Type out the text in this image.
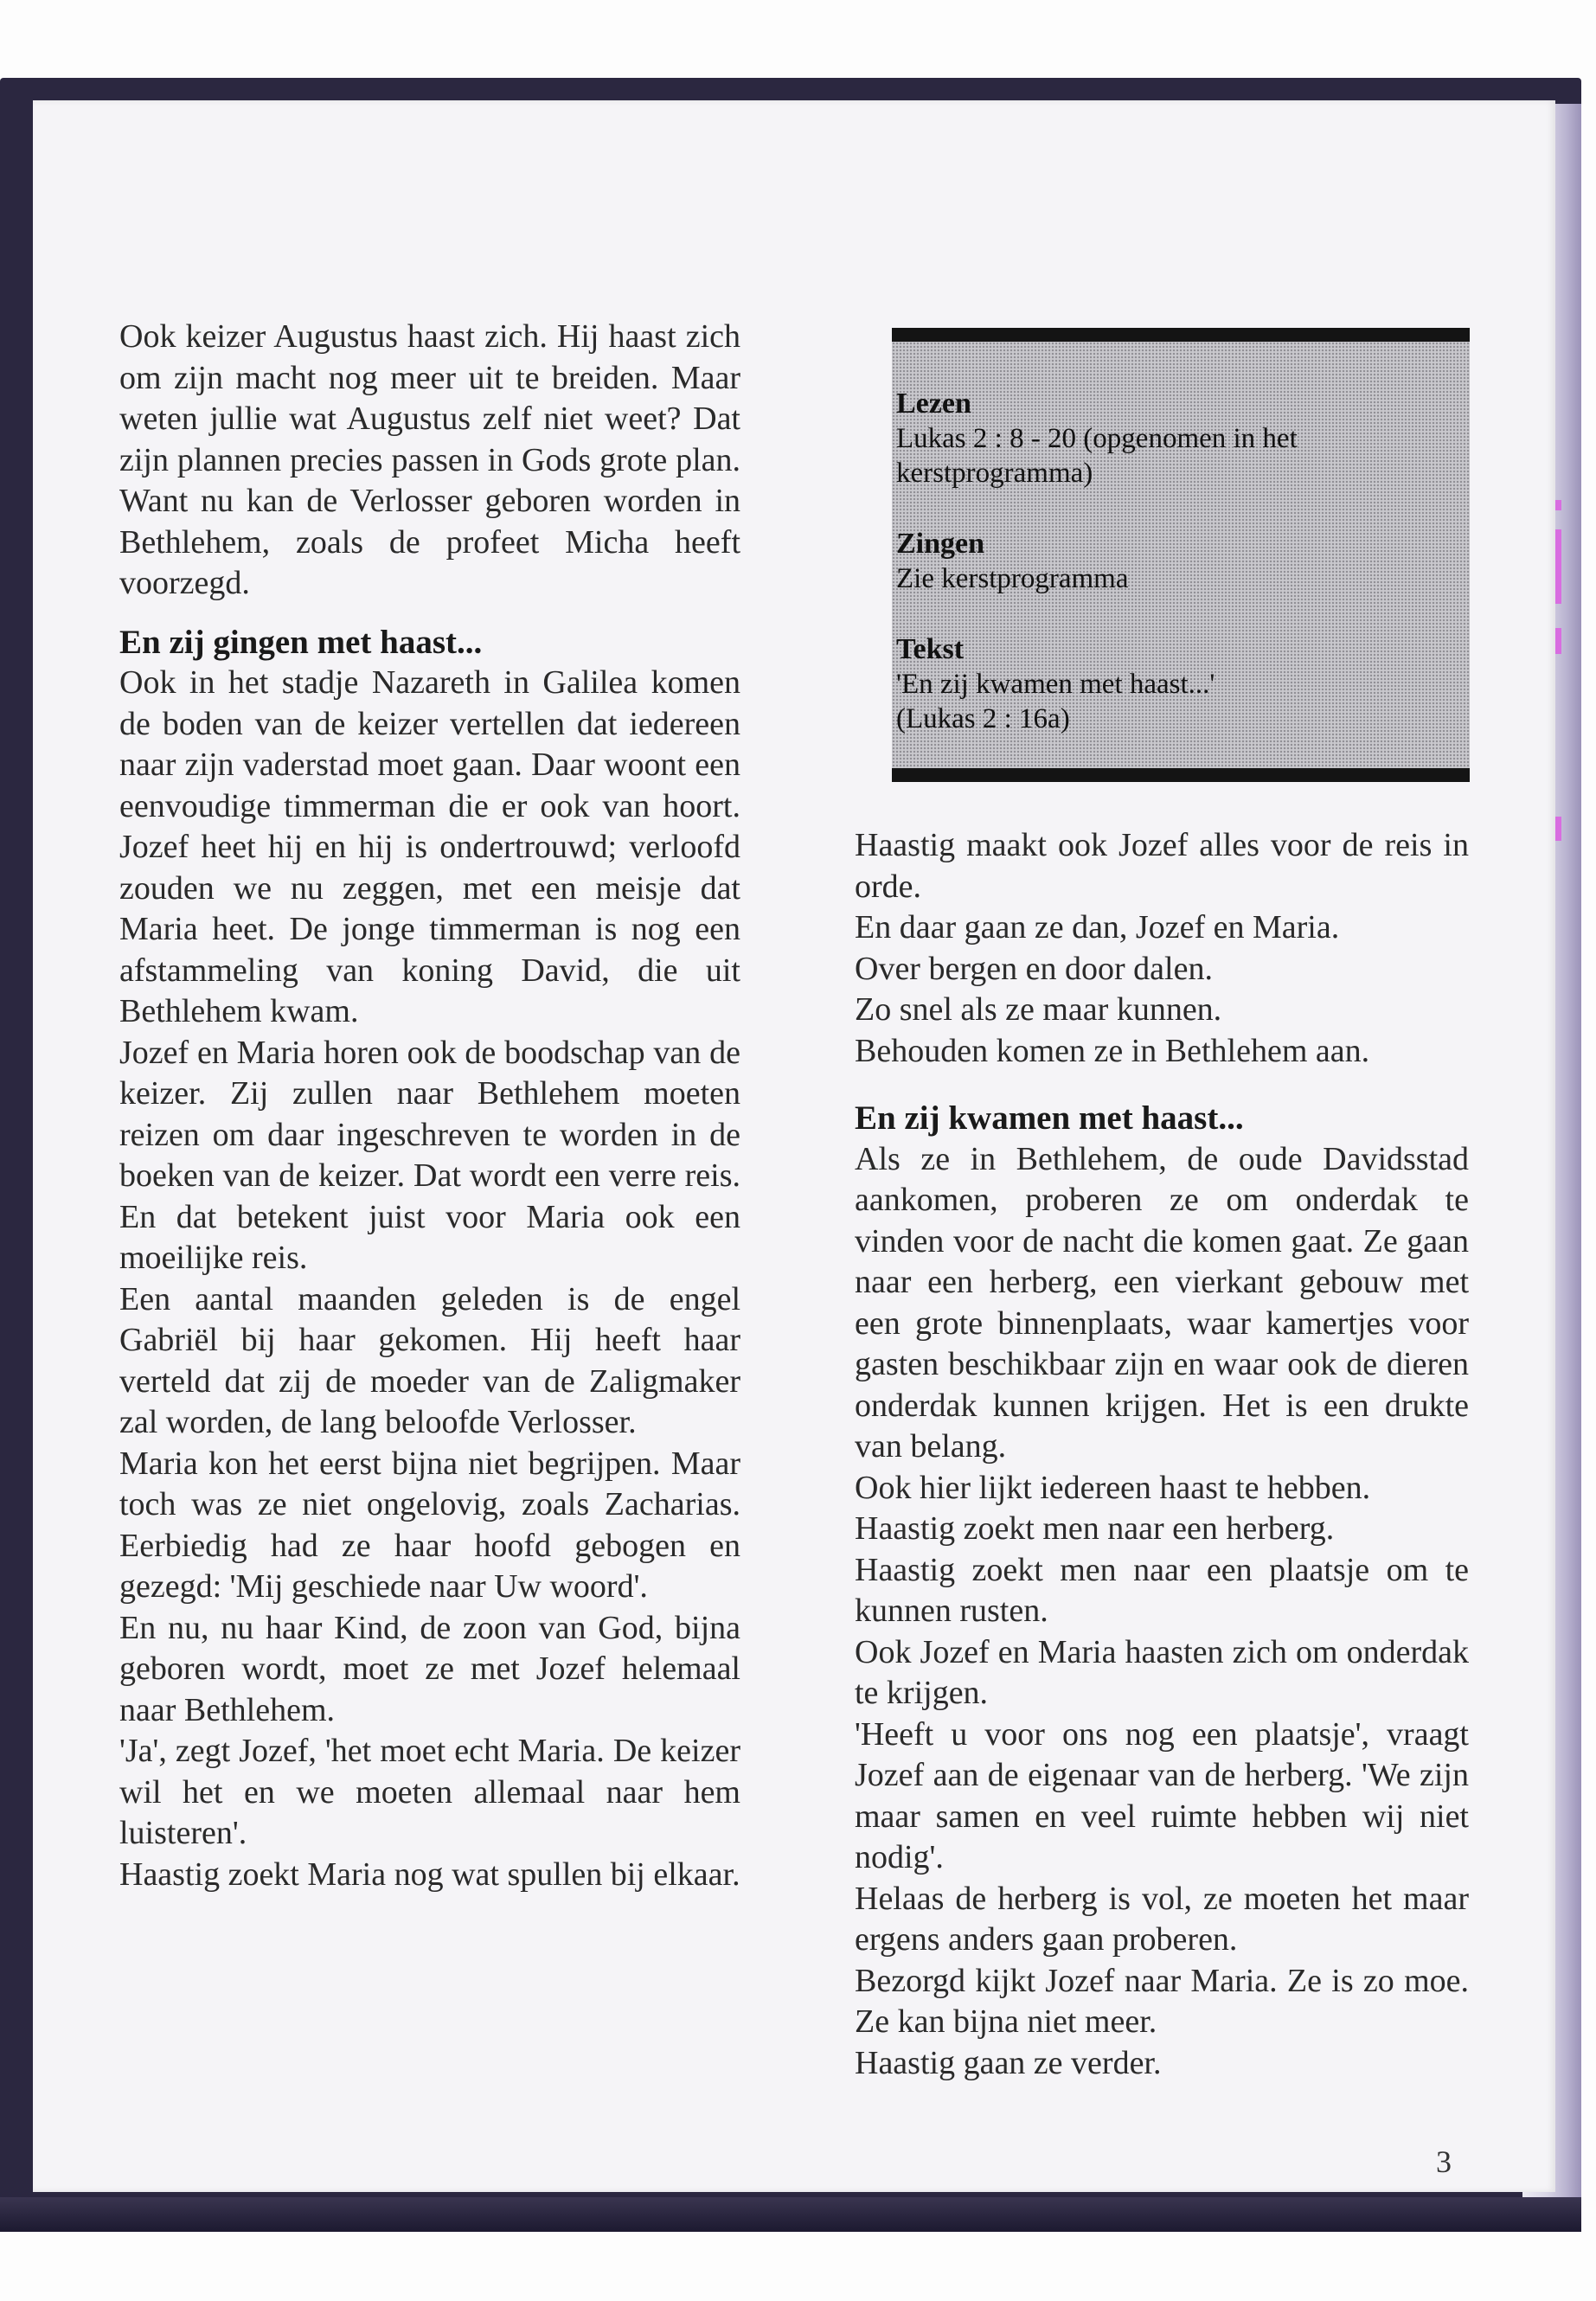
Ook keizer Augustus haast zich. Hij haast zich om zijn macht nog meer uit te breiden. Maar weten jullie wat Augustus zelf niet weet? Dat zijn plannen precies passen in Gods grote plan. Want nu kan de Verlosser geboren worden in Bethlehem, zoals de profeet Micha heeft voorzegd.

En zij gingen met haast...

Ook in het stadje Nazareth in Galilea komen de boden van de keizer vertellen dat iedereen naar zijn vaderstad moet gaan. Daar woont een eenvoudige timmerman die er ook van hoort. Jozef heet hij en hij is ondertrouwd; verloofd zouden we nu zeggen, met een meisje dat Maria heet. De jonge timmerman is nog een afstammeling van koning David, die uit Bethlehem kwam.

Jozef en Maria horen ook de boodschap van de keizer. Zij zullen naar Bethlehem moeten reizen om daar ingeschreven te worden in de boeken van de keizer. Dat wordt een verre reis. En dat betekent juist voor Maria ook een moeilijke reis.

Een aantal maanden geleden is de engel Gabriël bij haar gekomen. Hij heeft haar verteld dat zij de moeder van de Zaligmaker zal worden, de lang beloofde Verlosser.

Maria kon het eerst bijna niet begrijpen. Maar toch was ze niet ongelovig, zoals Zacharias. Eerbiedig had ze haar hoofd gebogen en gezegd: 'Mij geschiede naar Uw woord'.

En nu, nu haar Kind, de zoon van God, bijna geboren wordt, moet ze met Jozef helemaal naar Bethlehem.

'Ja', zegt Jozef, 'het moet echt Maria. De keizer wil het en we moeten allemaal naar hem luisteren'.

Haastig zoekt Maria nog wat spullen bij elkaar.

Lezen
Lukas 2 : 8 - 20 (opgenomen in het kerstprogramma)
Zingen
Zie kerstprogramma
Tekst
'En zij kwamen met haast...'
(Lukas 2 : 16a)

Haastig maakt ook Jozef alles voor de reis in orde.

En daar gaan ze dan, Jozef en Maria.

Over bergen en door dalen.

Zo snel als ze maar kunnen.

Behouden komen ze in Bethlehem aan.

En zij kwamen met haast...

Als ze in Bethlehem, de oude Davidsstad aankomen, proberen ze om onderdak te vinden voor de nacht die komen gaat. Ze gaan naar een herberg, een vierkant gebouw met een grote binnenplaats, waar kamertjes voor gasten beschikbaar zijn en waar ook de dieren onderdak kunnen krijgen. Het is een drukte van belang.

Ook hier lijkt iedereen haast te hebben.

Haastig zoekt men naar een herberg.

Haastig zoekt men naar een plaatsje om te kunnen rusten.

Ook Jozef en Maria haasten zich om onderdak te krijgen.

'Heeft u voor ons nog een plaatsje', vraagt Jozef aan de eigenaar van de herberg. 'We zijn maar samen en veel ruimte hebben wij niet nodig'.

Helaas de herberg is vol, ze moeten het maar ergens anders gaan proberen.

Bezorgd kijkt Jozef naar Maria. Ze is zo moe. Ze kan bijna niet meer.

Haastig gaan ze verder.

3
